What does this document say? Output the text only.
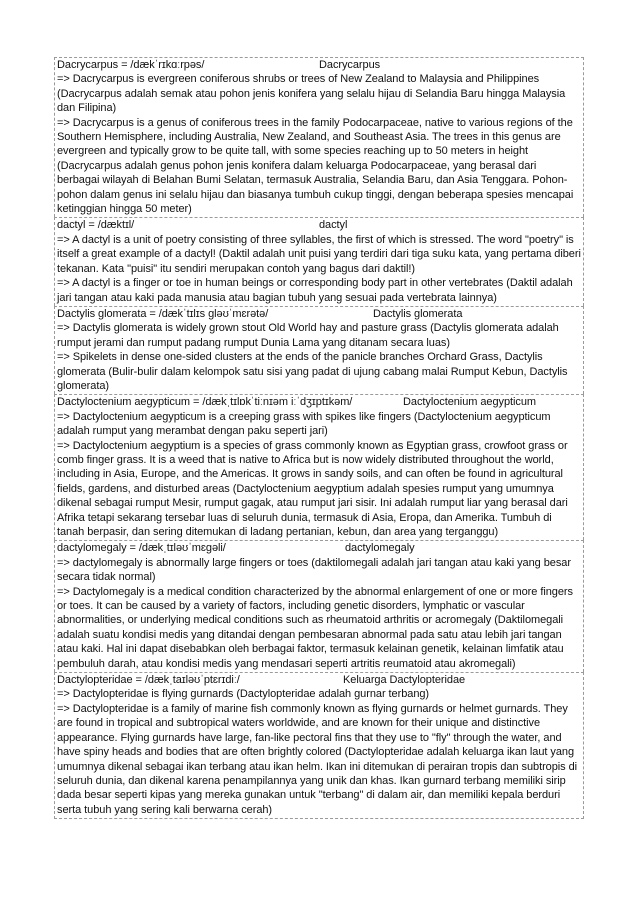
Dacrycarpus = /dækˈrɪkɑːrpəs/	Dacrycarpus
=> Dacrycarpus is evergreen coniferous shrubs or trees of New Zealand to Malaysia and Philippines (Dacrycarpus adalah semak atau pohon jenis konifera yang selalu hijau di Selandia Baru hingga Malaysia dan Filipina)
=> Dacrycarpus is a genus of coniferous trees in the family Podocarpaceae, native to various regions of the Southern Hemisphere, including Australia, New Zealand, and Southeast Asia. The trees in this genus are evergreen and typically grow to be quite tall, with some species reaching up to 50 meters in height (Dacrycarpus adalah genus pohon jenis konifera dalam keluarga Podocarpaceae, yang berasal dari berbagai wilayah di Belahan Bumi Selatan, termasuk Australia, Selandia Baru, dan Asia Tenggara. Pohon-pohon dalam genus ini selalu hijau dan biasanya tumbuh cukup tinggi, dengan beberapa spesies mencapai ketinggian hingga 50 meter)
dactyl = /dæktɪl/	dactyl
=> A dactyl is a unit of poetry consisting of three syllables, the first of which is stressed. The word "poetry" is itself a great example of a dactyl! (Daktil adalah unit puisi yang terdiri dari tiga suku kata, yang pertama diberi tekanan. Kata "puisi" itu sendiri merupakan contoh yang bagus dari daktil!)
=> A dactyl is a finger or toe in human beings or corresponding body part in other vertebrates (Daktil adalah jari tangan atau kaki pada manusia atau bagian tubuh yang sesuai pada vertebrata lainnya)
Dactylis glomerata = /dækˈtɪlɪs gləʊˈmɛrətə/	Dactylis glomerata
=> Dactylis glomerata is widely grown stout Old World hay and pasture grass (Dactylis glomerata adalah rumput jerami dan rumput padang rumput Dunia Lama yang ditanam secara luas)
=> Spikelets in dense one-sided clusters at the ends of the panicle branches Orchard Grass, Dactylis glomerata (Bulir-bulir dalam kelompok satu sisi yang padat di ujung cabang malai Rumput Kebun, Dactylis glomerata)
Dactyloctenium aegypticum = /dækˌtɪlɒkˈtiːnɪəm iːˈdʒɪptɪkəm/	Dactyloctenium aegypticum
=> Dactyloctenium aegypticum is a creeping grass with spikes like fingers (Dactyloctenium aegypticum adalah rumput yang merambat dengan paku seperti jari)
=> Dactyloctenium aegyptium is a species of grass commonly known as Egyptian grass, crowfoot grass or comb finger grass. It is a weed that is native to Africa but is now widely distributed throughout the world, including in Asia, Europe, and the Americas. It grows in sandy soils, and can often be found in agricultural fields, gardens, and disturbed areas (Dactyloctenium aegyptium adalah spesies rumput yang umumnya dikenal sebagai rumput Mesir, rumput gagak, atau rumput jari sisir. Ini adalah rumput liar yang berasal dari Afrika tetapi sekarang tersebar luas di seluruh dunia, termasuk di Asia, Eropa, dan Amerika. Tumbuh di tanah berpasir, dan sering ditemukan di ladang pertanian, kebun, dan area yang terganggu)
dactylomegaly = /dækˌtɪləʊˈmɛgəli/	dactylomegaly
=> dactylomegaly is abnormally large fingers or toes (daktilomegali adalah jari tangan atau kaki yang besar secara tidak normal)
=> Dactylomegaly is a medical condition characterized by the abnormal enlargement of one or more fingers or toes. It can be caused by a variety of factors, including genetic disorders, lymphatic or vascular abnormalities, or underlying medical conditions such as rheumatoid arthritis or acromegaly (Daktilomegali adalah suatu kondisi medis yang ditandai dengan pembesaran abnormal pada satu atau lebih jari tangan atau kaki. Hal ini dapat disebabkan oleh berbagai faktor, termasuk kelainan genetik, kelainan limfatik atau pembuluh darah, atau kondisi medis yang mendasari seperti artritis reumatoid atau akromegali)
Dactylopteridae = /dækˌtaɪləʊˈptɛrɪdiː/	Keluarga Dactylopteridae
=> Dactylopteridae is flying gurnards (Dactylopteridae adalah gurnar terbang)
=> Dactylopteridae is a family of marine fish commonly known as flying gurnards or helmet gurnards. They are found in tropical and subtropical waters worldwide, and are known for their unique and distinctive appearance. Flying gurnards have large, fan-like pectoral fins that they use to "fly" through the water, and have spiny heads and bodies that are often brightly colored (Dactylopteridae adalah keluarga ikan laut yang umumnya dikenal sebagai ikan terbang atau ikan helm. Ikan ini ditemukan di perairan tropis dan subtropis di seluruh dunia, dan dikenal karena penampilannya yang unik dan khas. Ikan gurnard terbang memiliki sirip dada besar seperti kipas yang mereka gunakan untuk "terbang" di dalam air, dan memiliki kepala berduri serta tubuh yang sering kali berwarna cerah)
